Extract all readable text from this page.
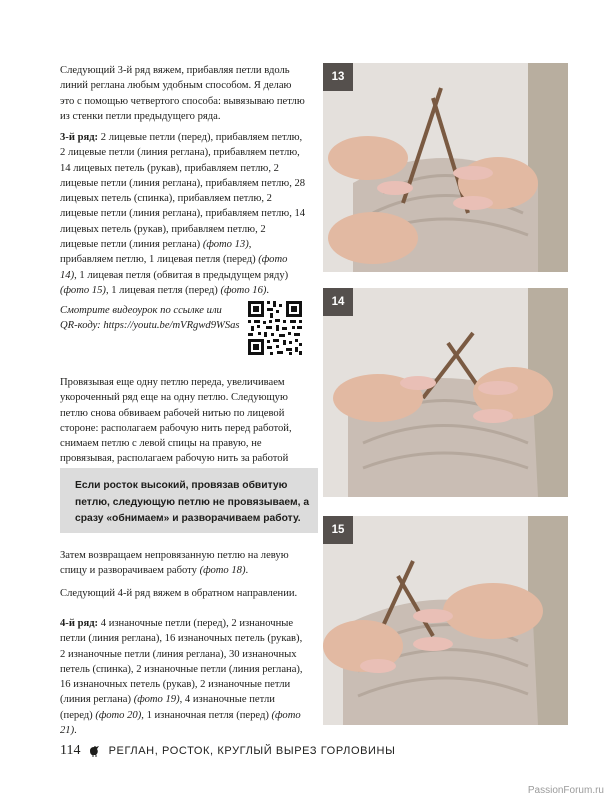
Следующий 3-й ряд вяжем, прибавляя петли вдоль линий реглана любым удобным способом. Я делаю это с помощью четвертого способа: вывязываю петлю из стенки петли предыдущего ряда.

3-й ряд: 2 лицевые петли (перед), прибавляем петлю, 2 лицевые петли (линия реглана), прибавляем петлю, 14 лицевых петель (рукав), прибавляем петлю, 2 лицевые петли (линия реглана), прибавляем петлю, 28 лицевых петель (спинка), прибавляем петлю, 2 лицевые петли (линия реглана), прибавляем петлю, 14 лицевых петель (рукав), прибавляем петлю, 2 лицевые петли (линия реглана) (фото 13), прибавляем петлю, 1 лицевая петля (перед) (фото 14), 1 лицевая петля (обвитая в предыдущем ряду) (фото 15), 1 лицевая петля (перед) (фото 16).

Смотрите видеоурок по ссылке или QR-коду: https://youtu.be/mVRgwd9WSas

Провязывая еще одну петлю переда, увеличиваем укороченный ряд еще на одну петлю. Следующую петлю снова обвиваем рабочей нитью по лицевой стороне: располагаем рабочую нить перед работой, снимаем петлю с левой спицы на правую, не провязывая, располагаем рабочую нить за работой

Если росток высокий, провязав обвитую петлю, следующую петлю не провязываем, а сразу «обнимаем» и разворачиваем работу.

Затем возвращаем непровязанную петлю на левую спицу и разворачиваем работу (фото 18).

Следующий 4-й ряд вяжем в обратном направлении.

4-й ряд: 4 изнаночные петли (перед), 2 изнаночные петли (линия реглана), 16 изнаночных петель (рукав), 2 изнаночные петли (линия реглана), 30 изнаночных петель (спинка), 2 изнаночные петли (линия реглана), 16 изнаночных петель (рукав), 2 изнаночные петли (линия реглана) (фото 19), 4 изнаночные петли (перед) (фото 20), 1 изнаночная петля (перед) (фото 21).

13
14
15
114	РЕГЛАН, РОСТОК, КРУГЛЫЙ ВЫРЕЗ ГОРЛОВИНЫ
PassionForum.ru
